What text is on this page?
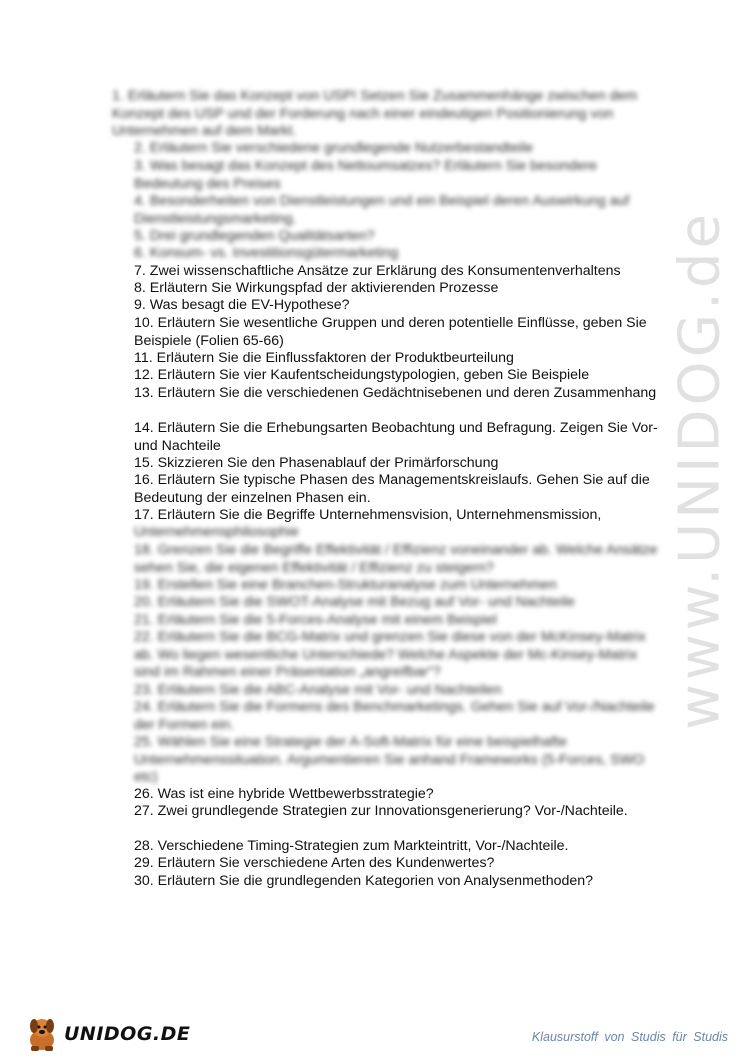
www.UNIDOG.de
1. Erläutern Sie das Konzept von USP! Setzen Sie Zusammenhänge zwischen dem Konzept des USP und der Forderung nach einer eindeutigen Positionierung von Unternehmen auf dem Markt.
2. Erläutern Sie verschiedene grundlegende Nutzerbestandteile
3. Was besagt das Konzept des Nettoumsatzes? Erläutern Sie besondere Bedeutung des Preises
4. Besonderheiten von Dienstleistungen und ein Beispiel deren Auswirkung auf Dienstleistungsmarketing.
5. Drei grundlegenden Qualitätsarten?
6. Konsum- vs. Investitionsgütermarketing
7. Zwei wissenschaftliche Ansätze zur Erklärung des Konsumentenverhaltens
8. Erläutern Sie Wirkungspfad der aktivierenden Prozesse
9. Was besagt die EV-Hypothese?
10. Erläutern Sie wesentliche Gruppen und deren potentielle Einflüsse, geben Sie Beispiele (Folien 65-66)
11. Erläutern Sie die Einflussfaktoren der Produktbeurteilung
12. Erläutern Sie vier Kaufentscheidungstypologien, geben Sie Beispiele
13. Erläutern Sie die verschiedenen Gedächtnisebenen und deren Zusammenhang
14. Erläutern Sie die Erhebungsarten Beobachtung und Befragung. Zeigen Sie Vor- und Nachteile
15. Skizzieren Sie den Phasenablauf der Primärforschung
16. Erläutern Sie typische Phasen des Managementskreislaufs. Gehen Sie auf die Bedeutung der einzelnen Phasen ein.
17. Erläutern Sie die Begriffe Unternehmensvision, Unternehmensmission,
Unternehmensphilosophie
18. Grenzen Sie die Begriffe Effektivität / Effizienz voneinander ab. Welche Ansätze sehen Sie, die eigenen Effektivität / Effizienz zu steigern?
19. Erstellen Sie eine Branchen-Strukturanalyse zum Unternehmen
20. Erläutern Sie die SWOT-Analyse mit Bezug auf Vor- und Nachteile
21. Erläutern Sie die 5-Forces-Analyse mit einem Beispiel
22. Erläutern Sie die BCG-Matrix und grenzen Sie diese von der McKinsey-Matrix ab. Wo liegen wesentliche Unterschiede? Welche Aspekte der Mc-Kinsey-Matrix sind im Rahmen einer Präsentation „angreifbar“?
23. Erläutern Sie die ABC-Analyse mit Vor- und Nachteilen
24. Erläutern Sie die Formens des Benchmarketings. Gehen Sie auf Vor-/Nachteile der Formen ein.
25. Wählen Sie eine Strategie der A-Soft-Matrix für eine beispielhafte Unternehmenssituation. Argumentieren Sie anhand Frameworks (5-Forces, SWO etc)
26. Was ist eine hybride Wettbewerbsstrategie?
27. Zwei grundlegende Strategien zur Innovationsgenerierung? Vor-/Nachteile.
28. Verschiedene Timing-Strategien zum Markteintritt, Vor-/Nachteile.
29. Erläutern Sie verschiedene Arten des Kundenwertes?
30. Erläutern Sie die grundlegenden Kategorien von Analysenmethoden?
UNIDOG.DE	Klausurstoff von Studis für Studis
